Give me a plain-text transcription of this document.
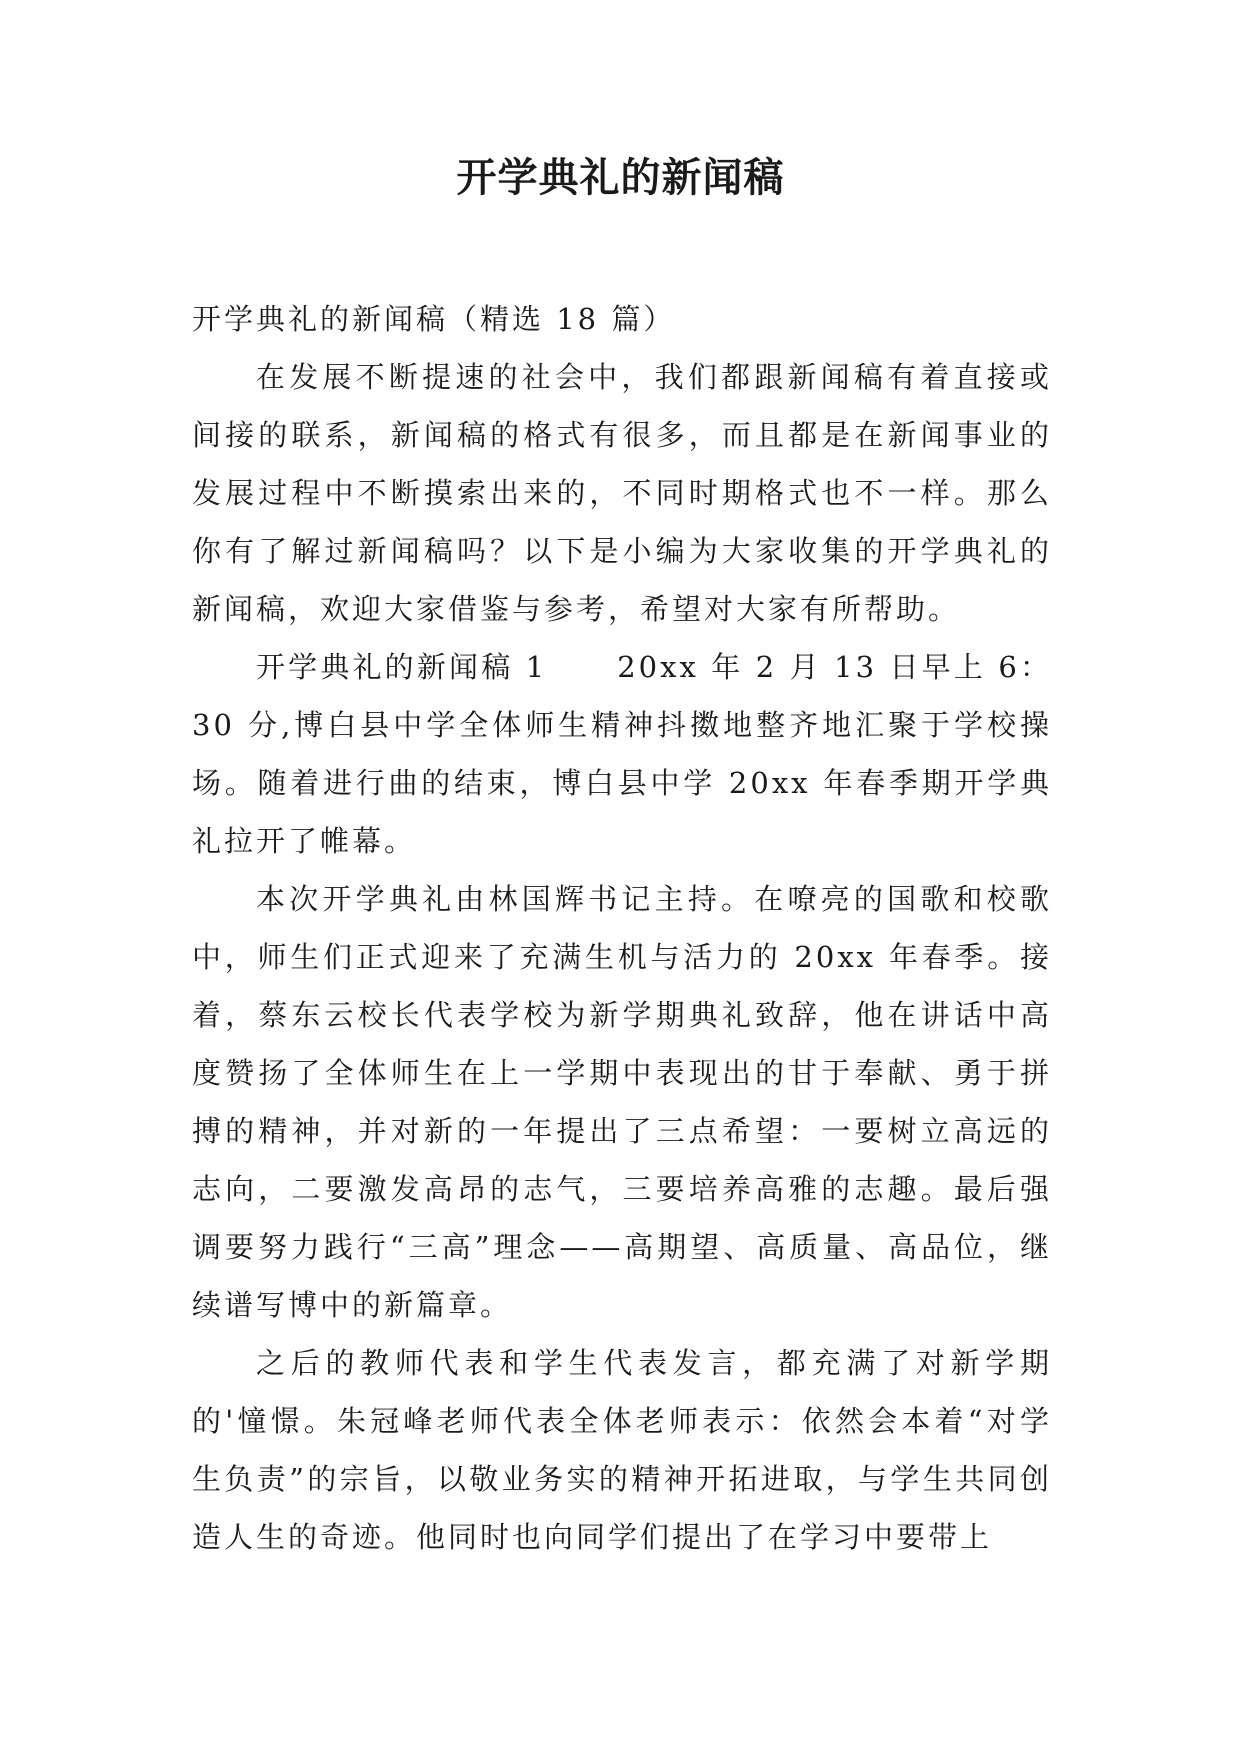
开学典礼的新闻稿

开学典礼的新闻稿（精选 18 篇）

在发展不断提速的社会中，我们都跟新闻稿有着直接或间接的联系，新闻稿的格式有很多，而且都是在新闻事业的发展过程中不断摸索出来的，不同时期格式也不一样。那么你有了解过新闻稿吗？以下是小编为大家收集的开学典礼的新闻稿，欢迎大家借鉴与参考，希望对大家有所帮助。

开学典礼的新闻稿 1 20xx 年 2 月 13 日早上 6：30 分,博白县中学全体师生精神抖擞地整齐地汇聚于学校操场。随着进行曲的结束，博白县中学 20xx 年春季期开学典礼拉开了帷幕。

本次开学典礼由林国辉书记主持。在嘹亮的国歌和校歌中，师生们正式迎来了充满生机与活力的 20xx 年春季。接着，蔡东云校长代表学校为新学期典礼致辞，他在讲话中高度赞扬了全体师生在上一学期中表现出的甘于奉献、勇于拼搏的精神，并对新的一年提出了三点希望：一要树立高远的志向，二要激发高昂的志气，三要培养高雅的志趣。最后强调要努力践行“三高”理念——高期望、高质量、高品位，继续谱写博中的新篇章。

之后的教师代表和学生代表发言，都充满了对新学期的'憧憬。朱冠峰老师代表全体老师表示：依然会本着“对学生负责”的宗旨，以敬业务实的精神开拓进取，与学生共同创造人生的奇迹。他同时也向同学们提出了在学习中要带上
